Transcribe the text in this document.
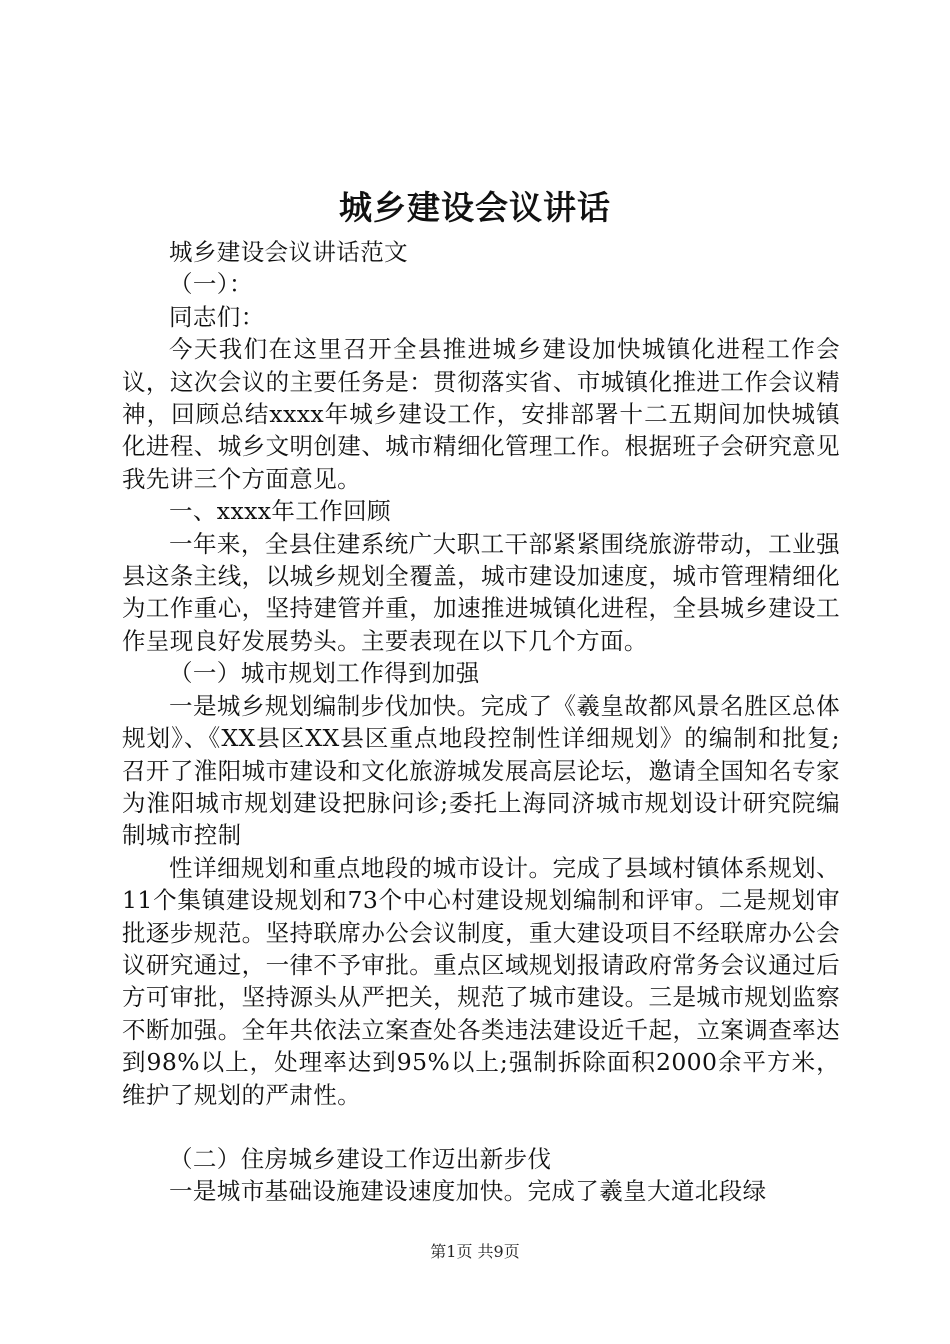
城乡建设会议讲话

城乡建设会议讲话范文

（一）：

同志们：

今天我们在这里召开全县推进城乡建设加快城镇化进程工作会议，这次会议的主要任务是：贯彻落实省、市城镇化推进工作会议精神，回顾总结xxxx年城乡建设工作，安排部署十二五期间加快城镇化进程、城乡文明创建、城市精细化管理工作。根据班子会研究意见我先讲三个方面意见。

一、xxxx年工作回顾

一年来，全县住建系统广大职工干部紧紧围绕旅游带动，工业强县这条主线，以城乡规划全覆盖，城市建设加速度，城市管理精细化为工作重心，坚持建管并重，加速推进城镇化进程，全县城乡建设工作呈现良好发展势头。主要表现在以下几个方面。

（一）城市规划工作得到加强

一是城乡规划编制步伐加快。完成了《羲皇故都风景名胜区总体规划》、《XX县区XX县区重点地段控制性详细规划》的编制和批复;召开了淮阳城市建设和文化旅游城发展高层论坛，邀请全国知名专家为淮阳城市规划建设把脉问诊;委托上海同济城市规划设计研究院编制城市控制

性详细规划和重点地段的城市设计。完成了县域村镇体系规划、11个集镇建设规划和73个中心村建设规划编制和评审。二是规划审批逐步规范。坚持联席办公会议制度，重大建设项目不经联席办公会议研究通过，一律不予审批。重点区域规划报请政府常务会议通过后方可审批，坚持源头从严把关，规范了城市建设。三是城市规划监察不断加强。全年共依法立案查处各类违法建设近千起，立案调查率达到98%以上，处理率达到95%以上;强制拆除面积2000余平方米，维护了规划的严肃性。

（二）住房城乡建设工作迈出新步伐

一是城市基础设施建设速度加快。完成了羲皇大道北段绿

第1页 共9页
